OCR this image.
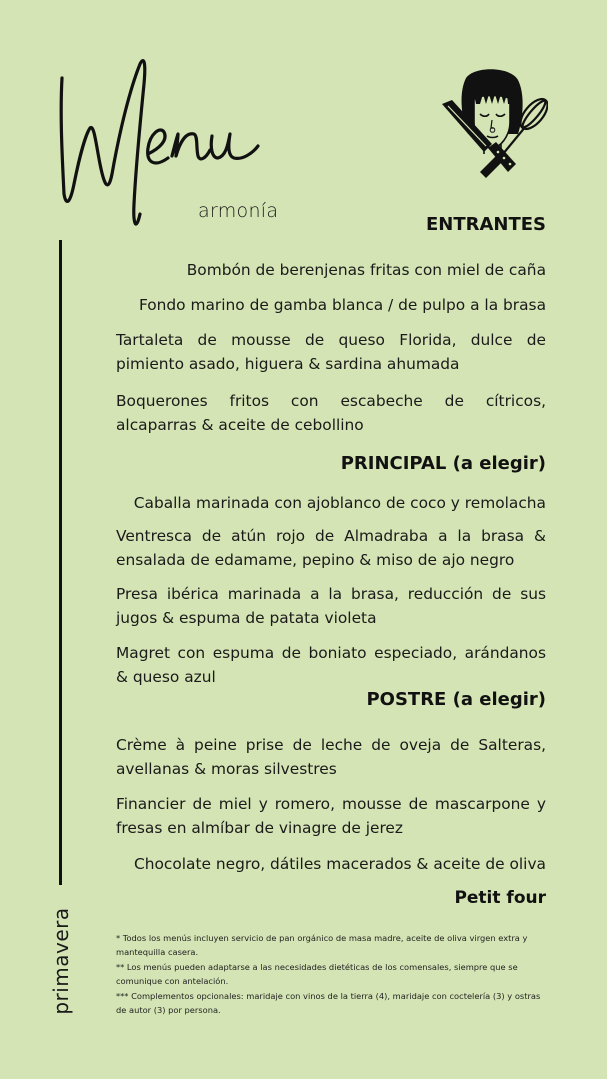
armonía
primavera
ENTRANTES
Bombón de berenjenas fritas con miel de caña
Fondo marino de gamba blanca / de pulpo a la brasa
Tartaleta de mousse de queso Florida, dulce de pimiento asado, higuera & sardina ahumada
Boquerones fritos con escabeche de cítricos, alcaparras & aceite de cebollino
PRINCIPAL (a elegir)
Caballa marinada con ajoblanco de coco y remolacha
Ventresca de atún rojo de Almadraba a la brasa & ensalada de edamame, pepino & miso de ajo negro
Presa ibérica marinada a la brasa, reducción de sus jugos & espuma de patata violeta
Magret con espuma de boniato especiado, arándanos & queso azul
POSTRE (a elegir)
Crème à peine prise de leche de oveja de Salteras, avellanas & moras silvestres
Financier de miel y romero, mousse de mascarpone y fresas en almíbar de vinagre de jerez
Chocolate negro, dátiles macerados & aceite de oliva
Petit four

* Todos los menús incluyen servicio de pan orgánico de masa madre, aceite de oliva virgen extra y mantequilla casera.

** Los menús pueden adaptarse a las necesidades dietéticas de los comensales, siempre que se comunique con antelación.

*** Complementos opcionales: maridaje con vinos de la tierra (4), maridaje con coctelería (3) y ostras de autor (3) por persona.
